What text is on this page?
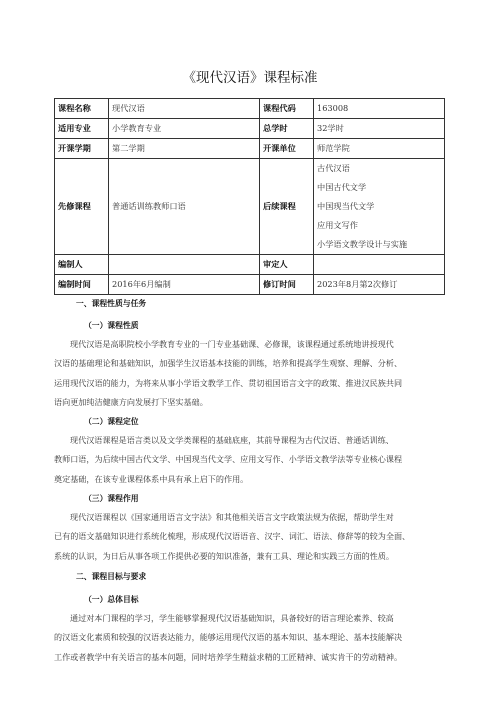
《现代汉语》课程标准
课程名称	现代汉语	课程代码	163008
适用专业	小学教育专业	总学时	32学时
开课学期	第二学期	开课单位	师范学院
先修课程	普通话训练教师口语	后续课程	古代汉语
中国古代文学
中国现当代文学
应用文写作
小学语文教学设计与实施

编制人		审定人	
编制时间	2016年6月编制	修订时间	2023年8月第2次修订
一、课程性质与任务
（一）课程性质
现代汉语是高职院校小学教育专业的一门专业基础课、必修课，该课程通过系统地讲授现代
汉语的基础理论和基础知识，加强学生汉语基本技能的训练，培养和提高学生观察、理解、分析、
运用现代汉语的能力，为将来从事小学语文教学工作、贯切祖国语言文字的政策、推进汉民族共同
语向更加纯洁健康方向发展打下坚实基础。
（二）课程定位
现代汉语课程是语言类以及文学类课程的基础底座，其前导课程为古代汉语、普通话训练、
教师口语，为后续中国古代文学、中国现当代文学、应用文写作、小学语文教学法等专业核心课程
奠定基础，在该专业课程体系中具有承上启下的作用。
（三）课程作用
现代汉语课程以《国家通用语言文字法》和其他相关语言文字政策法规为依据，帮助学生对
已有的语文基础知识进行系统化梳理，形成现代汉语语音、汉字、词汇、语法、修辞等的较为全面、
系统的认识，为日后从事各项工作提供必要的知识准备，兼有工具、理论和实践三方面的性质。
二、课程目标与要求
（一）总体目标
通过对本门课程的学习，学生能够掌握现代汉语基础知识，具备较好的语言理论素养、较高
的汉语文化素质和较强的汉语表达能力，能够运用现代汉语的基本知识、基本理论、基本技能解决
工作或者教学中有关语言的基本问题，同时培养学生精益求精的工匠精神、诚实肯干的劳动精神。
